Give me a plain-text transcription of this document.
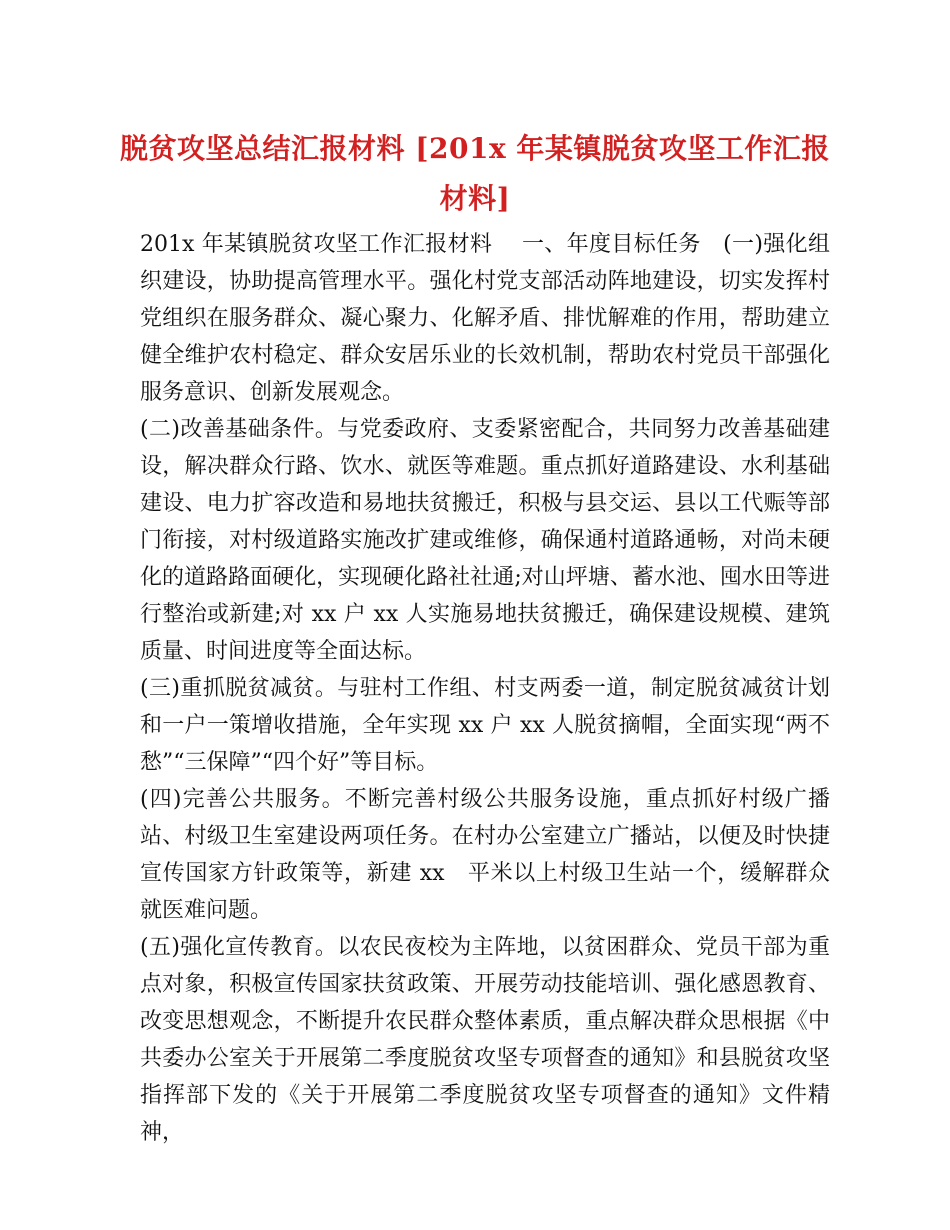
脱贫攻坚总结汇报材料 [201x 年某镇脱贫攻坚工作汇报材料]

201x 年某镇脱贫攻坚工作汇报材料　 一、年度目标任务　(一)强化组织建设，协助提高管理水平。强化村党支部活动阵地建设，切实发挥村党组织在服务群众、凝心聚力、化解矛盾、排忧解难的作用，帮助建立健全维护农村稳定、群众安居乐业的长效机制，帮助农村党员干部强化服务意识、创新发展观念。

(二)改善基础条件。与党委政府、支委紧密配合，共同努力改善基础建设，解决群众行路、饮水、就医等难题。重点抓好道路建设、水利基础建设、电力扩容改造和易地扶贫搬迁，积极与县交运、县以工代赈等部　门衔接，对村级道路实施改扩建或维修，确保通村道路通畅，对尚未硬化的道路路面硬化，实现硬化路社社通;对山坪塘、蓄水池、囤水田等进行整治或新建;对 xx 户 xx 人实施易地扶贫搬迁，确保建设规模、建筑质量、时间进度等全面达标。

(三)重抓脱贫减贫。与驻村工作组、村支两委一道，制定脱贫减贫计划和一户一策增收措施，全年实现 xx 户 xx 人脱贫摘帽，全面实现“两不愁”“三保障”“四个好”等目标。

(四)完善公共服务。不断完善村级公共服务设施，重点抓好村级广播站、村级卫生室建设两项任务。在村办公室建立广播站，以便及时快捷宣传国家方针政策等，新建 xx　平米以上村级卫生站一个，缓解群众就医难问题。

(五)强化宣传教育。以农民夜校为主阵地，以贫困群众、党员干部为重点对象，积极宣传国家扶贫政策、开展劳动技能培训、强化感恩教育、改变思想观念，不断提升农民群众整体素质，重点解决群众思根据《中共委办公室关于开展第二季度脱贫攻坚专项督查的通知》和县脱贫攻坚指挥部下发的《关于开展第二季度脱贫攻坚专项督查的通知》文件精神，
